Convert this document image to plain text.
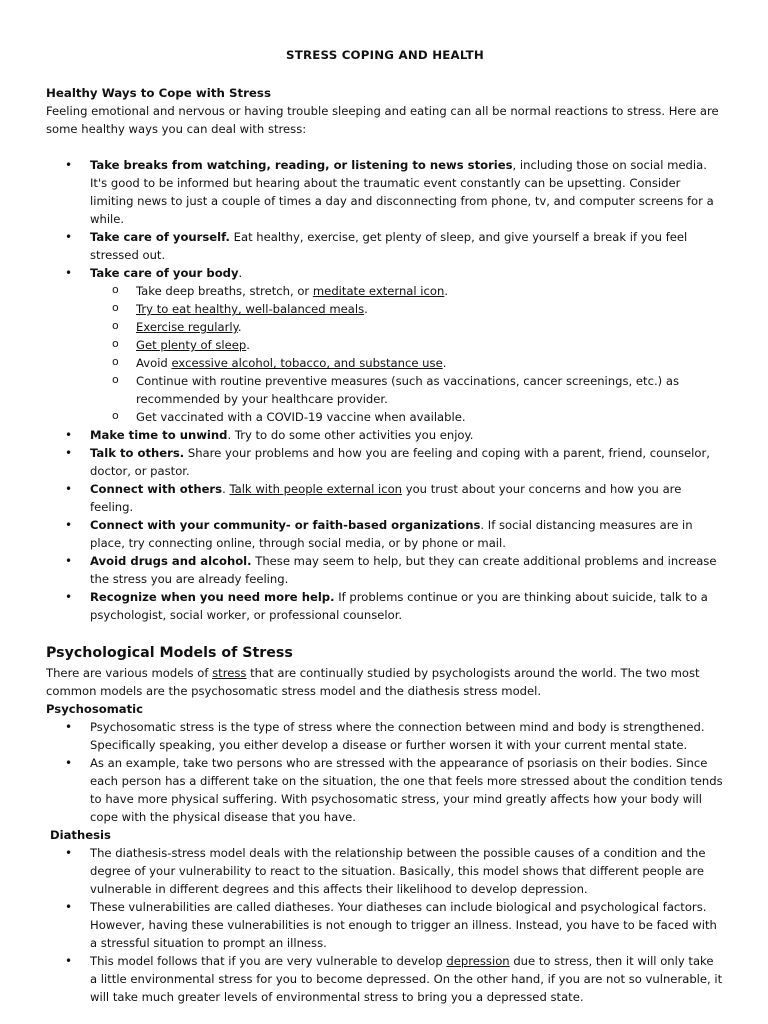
STRESS COPING AND HEALTH
Healthy Ways to Cope with Stress

Feeling emotional and nervous or having trouble sleeping and eating can all be normal reactions to stress. Here are some healthy ways you can deal with stress:

• Take breaks from watching, reading, or listening to news stories, including those on social media. It's good to be informed but hearing about the traumatic event constantly can be upsetting. Consider limiting news to just a couple of times a day and disconnecting from phone, tv, and computer screens for a while.
• Take care of yourself. Eat healthy, exercise, get plenty of sleep, and give yourself a break if you feel stressed out.
• Take care of your body.
o Take deep breaths, stretch, or meditate external icon.
o Try to eat healthy, well-balanced meals.
o Exercise regularly.
o Get plenty of sleep.
o Avoid excessive alcohol, tobacco, and substance use.
o Continue with routine preventive measures (such as vaccinations, cancer screenings, etc.) as recommended by your healthcare provider.
o Get vaccinated with a COVID-19 vaccine when available.
• Make time to unwind. Try to do some other activities you enjoy.
• Talk to others. Share your problems and how you are feeling and coping with a parent, friend, counselor, doctor, or pastor.
• Connect with others. Talk with people external icon you trust about your concerns and how you are feeling.
• Connect with your community- or faith-based organizations. If social distancing measures are in place, try connecting online, through social media, or by phone or mail.
• Avoid drugs and alcohol. These may seem to help, but they can create additional problems and increase the stress you are already feeling.
• Recognize when you need more help. If problems continue or you are thinking about suicide, talk to a psychologist, social worker, or professional counselor.
Psychological Models of Stress

There are various models of stress that are continually studied by psychologists around the world. The two most common models are the psychosomatic stress model and the diathesis stress model.

Psychosomatic
• Psychosomatic stress is the type of stress where the connection between mind and body is strengthened. Specifically speaking, you either develop a disease or further worsen it with your current mental state.
• As an example, take two persons who are stressed with the appearance of psoriasis on their bodies. Since each person has a different take on the situation, the one that feels more stressed about the condition tends to have more physical suffering. With psychosomatic stress, your mind greatly affects how your body will cope with the physical disease that you have.
Diathesis
• The diathesis-stress model deals with the relationship between the possible causes of a condition and the degree of your vulnerability to react to the situation. Basically, this model shows that different people are vulnerable in different degrees and this affects their likelihood to develop depression.
• These vulnerabilities are called diatheses. Your diatheses can include biological and psychological factors. However, having these vulnerabilities is not enough to trigger an illness. Instead, you have to be faced with a stressful situation to prompt an illness.
• This model follows that if you are very vulnerable to develop depression due to stress, then it will only take a little environmental stress for you to become depressed. On the other hand, if you are not so vulnerable, it will take much greater levels of environmental stress to bring you a depressed state.
